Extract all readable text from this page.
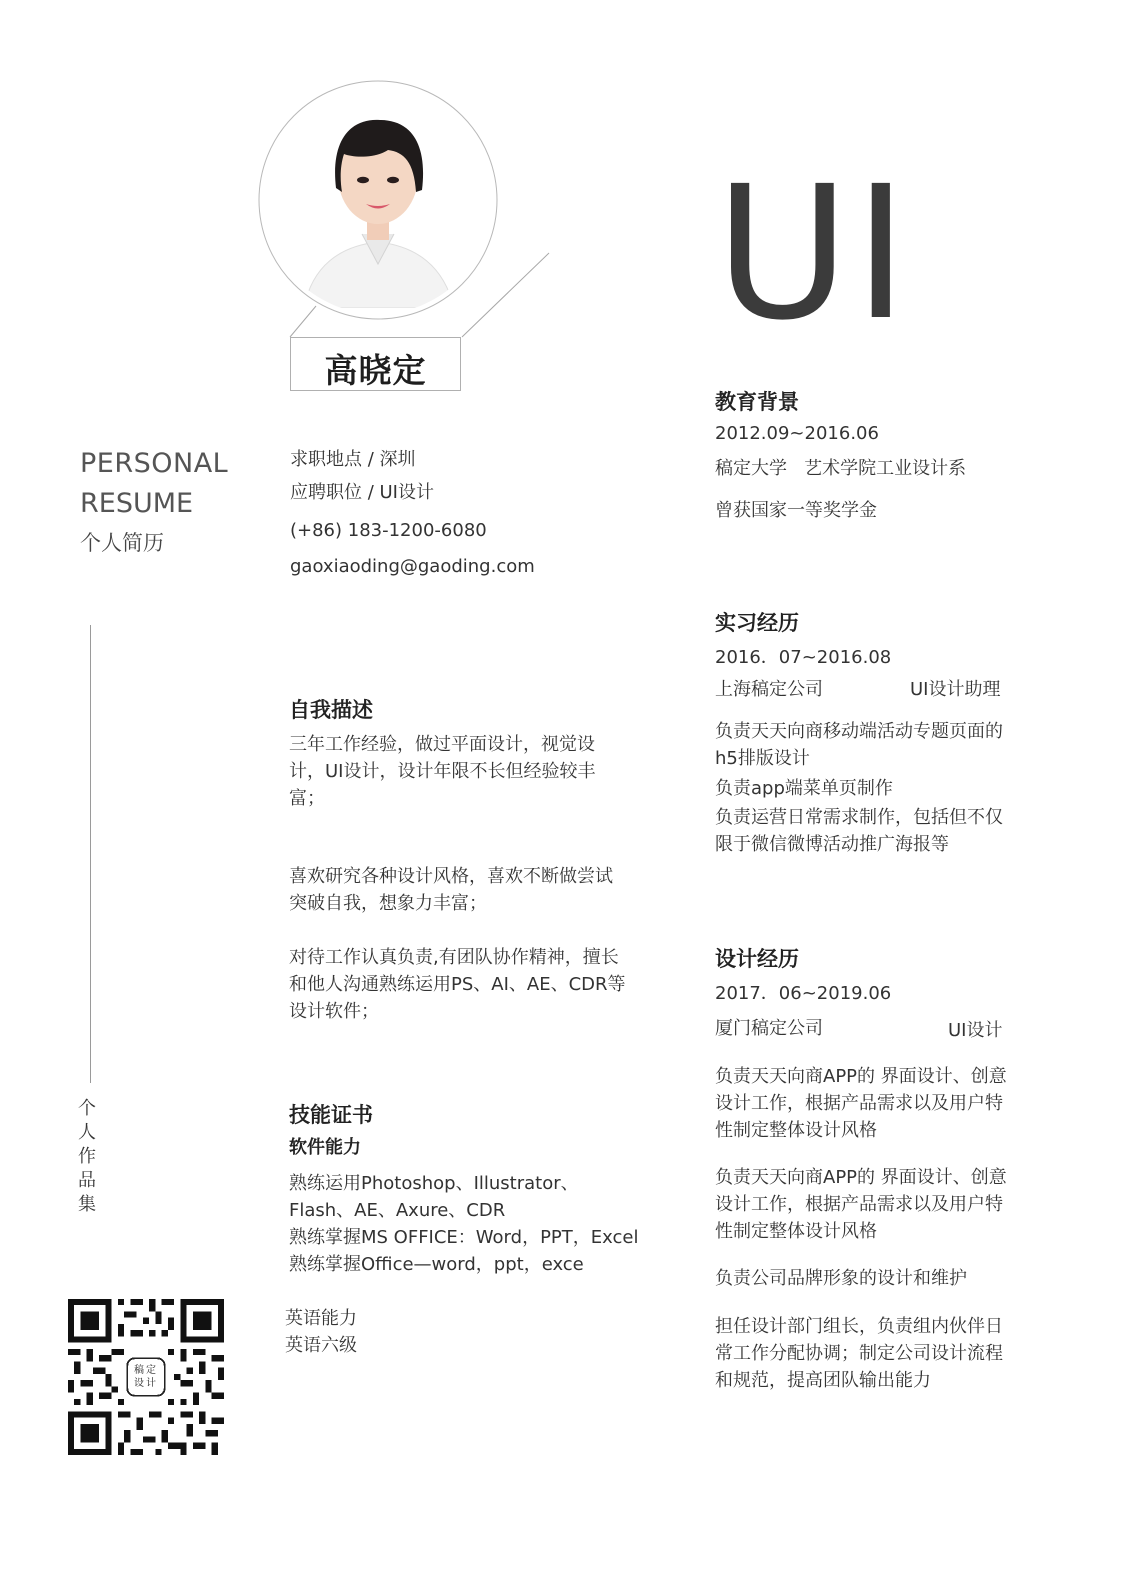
PERSONAL
RESUME
个人简历
个人作品集
稿定
设计
高晓定
UI
求职地点 / 深圳
应聘职位 / UI设计
(+86) 183-1200-6080
gaoxiaoding@gaoding.com
自我描述
三年工作经验，做过平面设计，视觉设计，UI设计，设计年限不长但经验较丰富；
喜欢研究各种设计风格，喜欢不断做尝试突破自我，想象力丰富；
对待工作认真负责,有团队协作精神，擅长和他人沟通熟练运用PS、AI、AE、CDR等设计软件；
技能证书
软件能力
熟练运用Photoshop、Illustrator、
Flash、AE、Axure、CDR
熟练掌握MS OFFICE：Word，PPT，Excel
熟练掌握Office—word，ppt，exce
英语能力
英语六级
教育背景
2012.09~2016.06
稿定大学   艺术学院工业设计系
曾获国家一等奖学金
实习经历
2016．07~2016.08
上海稿定公司	UI设计助理
负责天天向商移动端活动专题页面的h5排版设计
负责app端菜单页制作
负责运营日常需求制作，包括但不仅限于微信微博活动推广海报等
设计经历
2017．06~2019.06
厦门稿定公司	UI设计
负责天天向商APP的 界面设计、创意设计工作，根据产品需求以及用户特性制定整体设计风格
负责天天向商APP的 界面设计、创意设计工作，根据产品需求以及用户特性制定整体设计风格
负责公司品牌形象的设计和维护
担任设计部门组长，负责组内伙伴日常工作分配协调；制定公司设计流程和规范，提高团队输出能力
